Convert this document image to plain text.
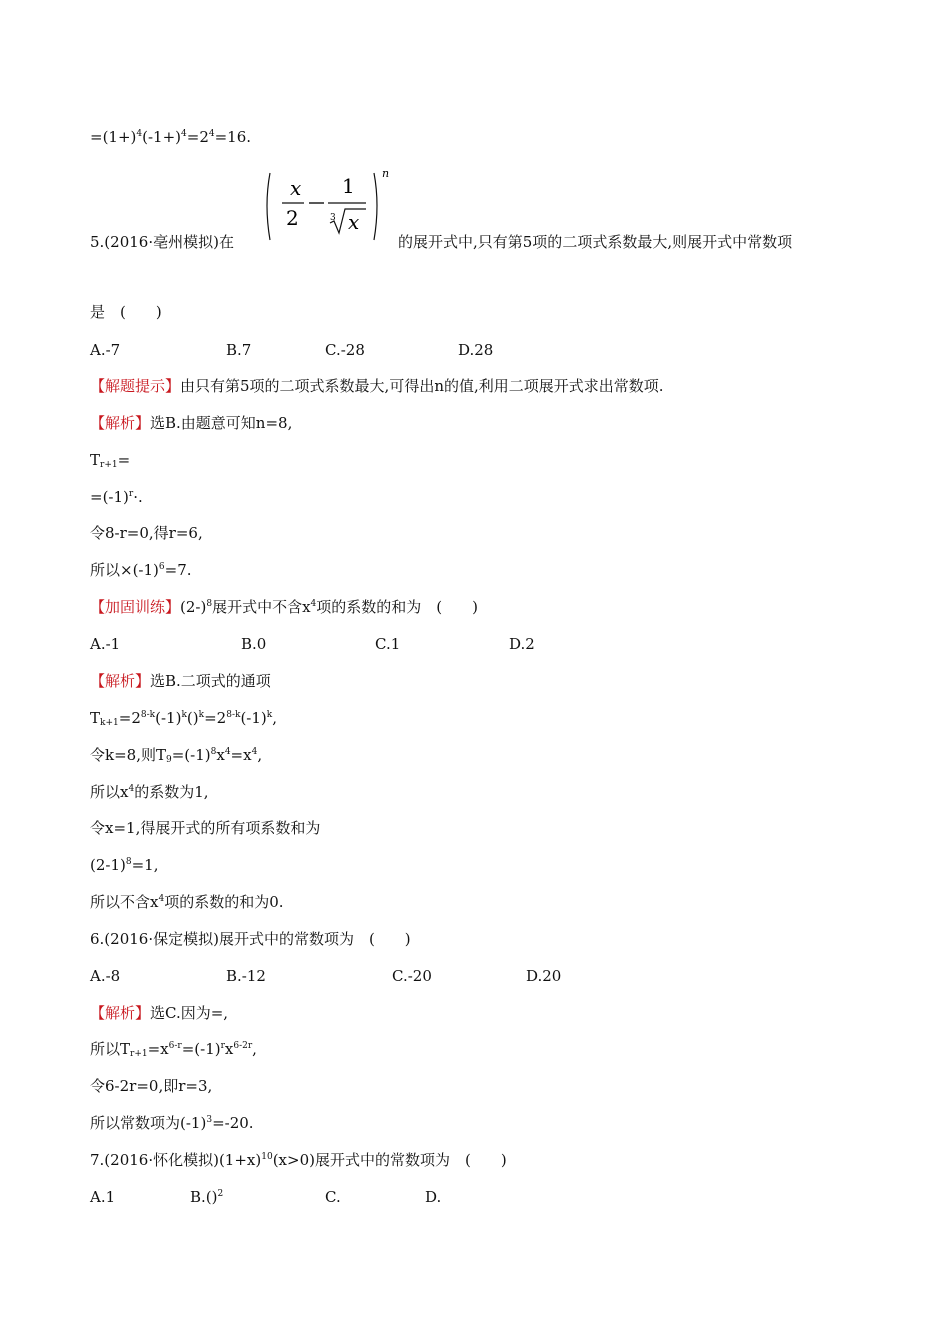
$=(1+)^4(-1+)^4=2^4=16$.
5.(2016·亳州模拟)在
x
2
1
3 x
n
的展开式中,只有第5项的二项式系数最大,则展开式中常数项
是　(　　)
A.-7	B.7	C.-28	D.28
【解题提示】由只有第5项的二项式系数最大,可得出n的值,利用二项展开式求出常数项.
【解析】选B.由题意可知n=8,
$T_{r+1}=$
$=(-1)^r\cdot$.
令8-r=0,得r=6,
所以$\times(-1)^6=7$.
【加固训练】$(2-)^8$展开式中不含$x^4$项的系数的和为　(　　)
A.-1	B.0	C.1	D.2
【解析】选B.二项式的通项
$T_{k+1}=2^{8-k}(-1)^k()^k=2^{8-k}(-1)^k$,
令k=8,则$T_9=(-1)^8x^4=x^4$,
所以$x^4$的系数为1,
令x=1,得展开式的所有项系数和为
$(2-1)^8=1$,
所以不含$x^4$项的系数的和为0.
6.(2016·保定模拟)展开式中的常数项为　(　　)
A.-8	B.-12	C.-20	D.20
【解析】选C.因为=,
所以$T_{r+1}=x^{6-r}=(-1)^rx^{6-2r}$,
令6-2r=0,即r=3,
所以常数项为$(-1)^3=-20$.
7.(2016·怀化模拟)$(1+x)^{10}(x>0)$展开式中的常数项为　(　　)
A.1	B.()$^2$	C.	D.
